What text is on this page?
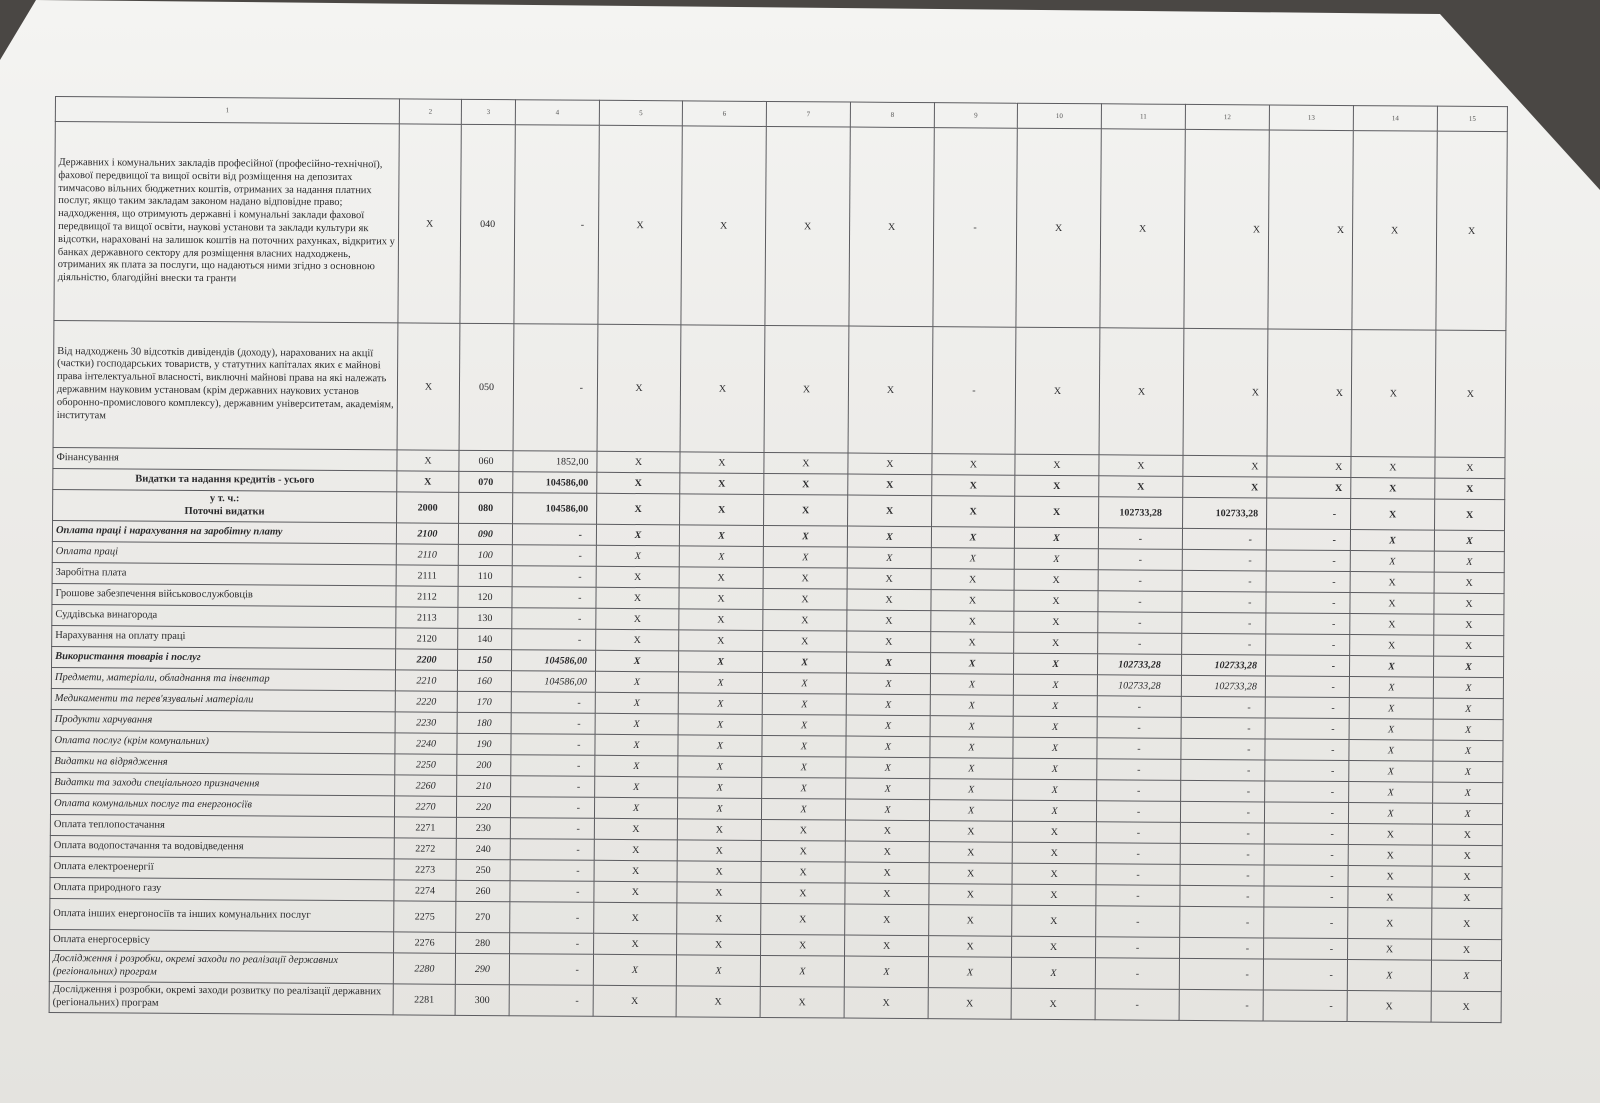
1	2	3	4	5	6	7	8	9	10	11	12	13	14	15
Державних і комунальних закладів професійної (професійно-технічної), фахової передвищої та вищої освіти від розміщення на депозитах тимчасово вільних бюджетних коштів, отриманих за надання платних послуг, якщо таким закладам законом надано відповідне право; надходження, що отримують державні і комунальні заклади фахової передвищої та вищої освіти, наукові установи та заклади культури як відсотки, нараховані на залишок коштів на поточних рахунках, відкритих у банках державного сектору для розміщення власних надходжень, отриманих як плата за послуги, що надаються ними згідно з основною діяльністю, благодійні внески та гранти	Х	040	-	Х	Х	Х	Х	-	Х	Х	Х	Х	Х	Х
Від надходжень 30 відсотків дивідендів (доходу), нарахованих на акції (частки) господарських товариств, у статутних капіталах яких є майнові права інтелектуальної власності, виключні майнові права на які належать державним науковим установам (крім державних наукових установ оборонно-промислового комплексу), державним університетам, академіям, інститутам	Х	050	-	Х	Х	Х	Х	-	Х	Х	Х	Х	Х	Х
Фінансування	Х	060	1852,00	Х	Х	Х	Х	Х	Х	Х	Х	Х	Х	Х
Видатки та надання кредитів - усього	Х	070	104586,00	Х	Х	Х	Х	Х	Х	Х	Х	Х	Х	Х
у т. ч.:
Поточні видатки	2000	080	104586,00	Х	Х	Х	Х	Х	Х	102733,28	102733,28	-	Х	Х
Оплата праці і нарахування на заробітну плату	2100	090	-	Х	Х	Х	Х	Х	Х	-	-	-	Х	Х
Оплата праці	2110	100	-	Х	Х	Х	Х	Х	Х	-	-	-	Х	Х
Заробітна плата	2111	110	-	Х	Х	Х	Х	Х	Х	-	-	-	Х	Х
Грошове забезпечення військовослужбовців	2112	120	-	Х	Х	Х	Х	Х	Х	-	-	-	Х	Х
Суддівська винагорода	2113	130	-	Х	Х	Х	Х	Х	Х	-	-	-	Х	Х
Нарахування на оплату праці	2120	140	-	Х	Х	Х	Х	Х	Х	-	-	-	Х	Х
Використання товарів і послуг	2200	150	104586,00	Х	Х	Х	Х	Х	Х	102733,28	102733,28	-	Х	Х
Предмети, матеріали, обладнання та інвентар	2210	160	104586,00	Х	Х	Х	Х	Х	Х	102733,28	102733,28	-	Х	Х
Медикаменти та перев'язувальні матеріали	2220	170	-	Х	Х	Х	Х	Х	Х	-	-	-	Х	Х
Продукти харчування	2230	180	-	Х	Х	Х	Х	Х	Х	-	-	-	Х	Х
Оплата послуг (крім комунальних)	2240	190	-	Х	Х	Х	Х	Х	Х	-	-	-	Х	Х
Видатки на відрядження	2250	200	-	Х	Х	Х	Х	Х	Х	-	-	-	Х	Х
Видатки та заходи спеціального призначення	2260	210	-	Х	Х	Х	Х	Х	Х	-	-	-	Х	Х
Оплата комунальних послуг та енергоносіїв	2270	220	-	Х	Х	Х	Х	Х	Х	-	-	-	Х	Х
Оплата теплопостачання	2271	230	-	Х	Х	Х	Х	Х	Х	-	-	-	Х	Х
Оплата водопостачання та водовідведення	2272	240	-	Х	Х	Х	Х	Х	Х	-	-	-	Х	Х
Оплата електроенергії	2273	250	-	Х	Х	Х	Х	Х	Х	-	-	-	Х	Х
Оплата природного газу	2274	260	-	Х	Х	Х	Х	Х	Х	-	-	-	Х	Х
Оплата інших енергоносіїв та інших комунальних послуг	2275	270	-	Х	Х	Х	Х	Х	Х	-	-	-	Х	Х
Оплата енергосервісу	2276	280	-	Х	Х	Х	Х	Х	Х	-	-	-	Х	Х
Дослідження і розробки, окремі заходи по реалізації державних (регіональних) програм	2280	290	-	Х	Х	Х	Х	Х	Х	-	-	-	Х	Х
Дослідження і розробки, окремі заходи розвитку по реалізації державних (регіональних) програм	2281	300	-	Х	Х	Х	Х	Х	Х	-	-	-	Х	Х
